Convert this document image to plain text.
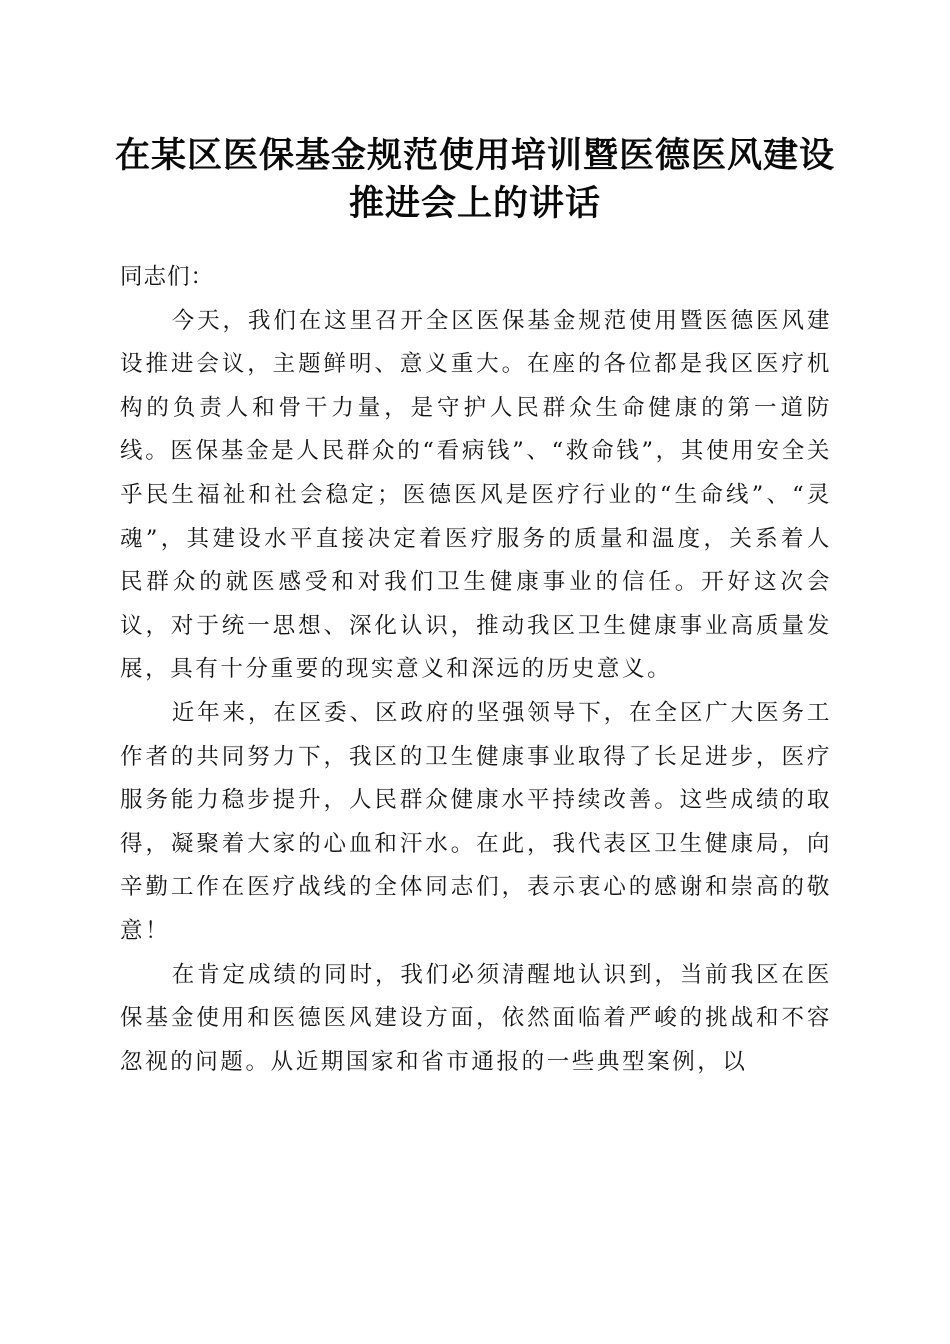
在某区医保基金规范使用培训暨医德医风建设
推进会上的讲话

同志们：

今天，我们在这里召开全区医保基金规范使用暨医德医风建设推进会议，主题鲜明、意义重大。在座的各位都是我区医疗机构的负责人和骨干力量，是守护人民群众生命健康的第一道防线。医保基金是人民群众的“看病钱”、“救命钱”，其使用安全关乎民生福祉和社会稳定；医德医风是医疗行业的“生命线”、“灵魂”，其建设水平直接决定着医疗服务的质量和温度，关系着人民群众的就医感受和对我们卫生健康事业的信任。开好这次会议，对于统一思想、深化认识，推动我区卫生健康事业高质量发展，具有十分重要的现实意义和深远的历史意义。

近年来，在区委、区政府的坚强领导下，在全区广大医务工作者的共同努力下，我区的卫生健康事业取得了长足进步，医疗服务能力稳步提升，人民群众健康水平持续改善。这些成绩的取得，凝聚着大家的心血和汗水。在此，我代表区卫生健康局，向辛勤工作在医疗战线的全体同志们，表示衷心的感谢和崇高的敬意！

在肯定成绩的同时，我们必须清醒地认识到，当前我区在医保基金使用和医德医风建设方面，依然面临着严峻的挑战和不容忽视的问题。从近期国家和省市通报的一些典型案例，以
